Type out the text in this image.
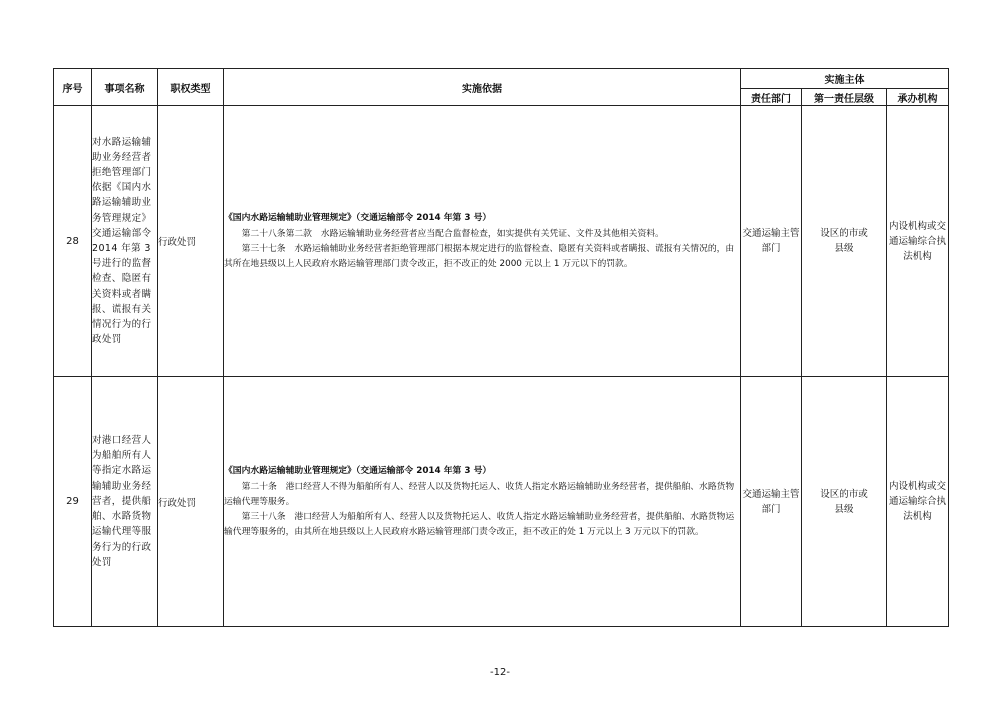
序号	事项名称	职权类型	实施依据	实施主体		
				责任部门	第一责任层级	承办机构
28	对水路运输辅助业务经营者拒绝管理部门依据《国内水路运输辅助业务管理规定》交通运输部令 2014 年第 3 号进行的监督检查、隐匿有关资料或者瞒 报、谎报有关情况行为的行政处罚	行政处罚	《国内水路运输辅助业管理规定》（交通运输部令 2014 年第 3 号）

第二十八条第二款　水路运输辅助业务经营者应当配合监督检查，如实提供有关凭证、文件及其他相关资料。

第三十七条　水路运输辅助业务经营者拒绝管理部门根据本规定进行的监督检查、隐匿有关资料或者瞒报、谎报有关情况的，由其所在地县级以上人民政府水路运输管理部门责令改正，拒不改正的处 2000 元以上 1 万元以下的罚款。	交通运输主管部门	设区的市或县级	内设机构或交通运输综合执法机构
29	对港口经营人为船舶所有人等指定水路运输辅助业务经营者，提供船舶、水路货物运输代理等服务行为的行政处罚	行政处罚	《国内水路运输辅助业管理规定》（交通运输部令 2014 年第 3 号）

第二十条　港口经营人不得为船舶所有人、经营人以及货物托运人、收货人指定水路运输辅助业务经营者，提供船舶、水路货物运输代理等服务。

第三十八条　港口经营人为船舶所有人、经营人以及货物托运人、收货人指定水路运输辅助业务经营者，提供船舶、水路货物运输代理等服务的，由其所在地县级以上人民政府水路运输管理部门责令改正，拒不改正的处 1 万元以上 3 万元以下的罚款。	交通运输主管部门	设区的市或县级	内设机构或交通运输综合执法机构
-12-
